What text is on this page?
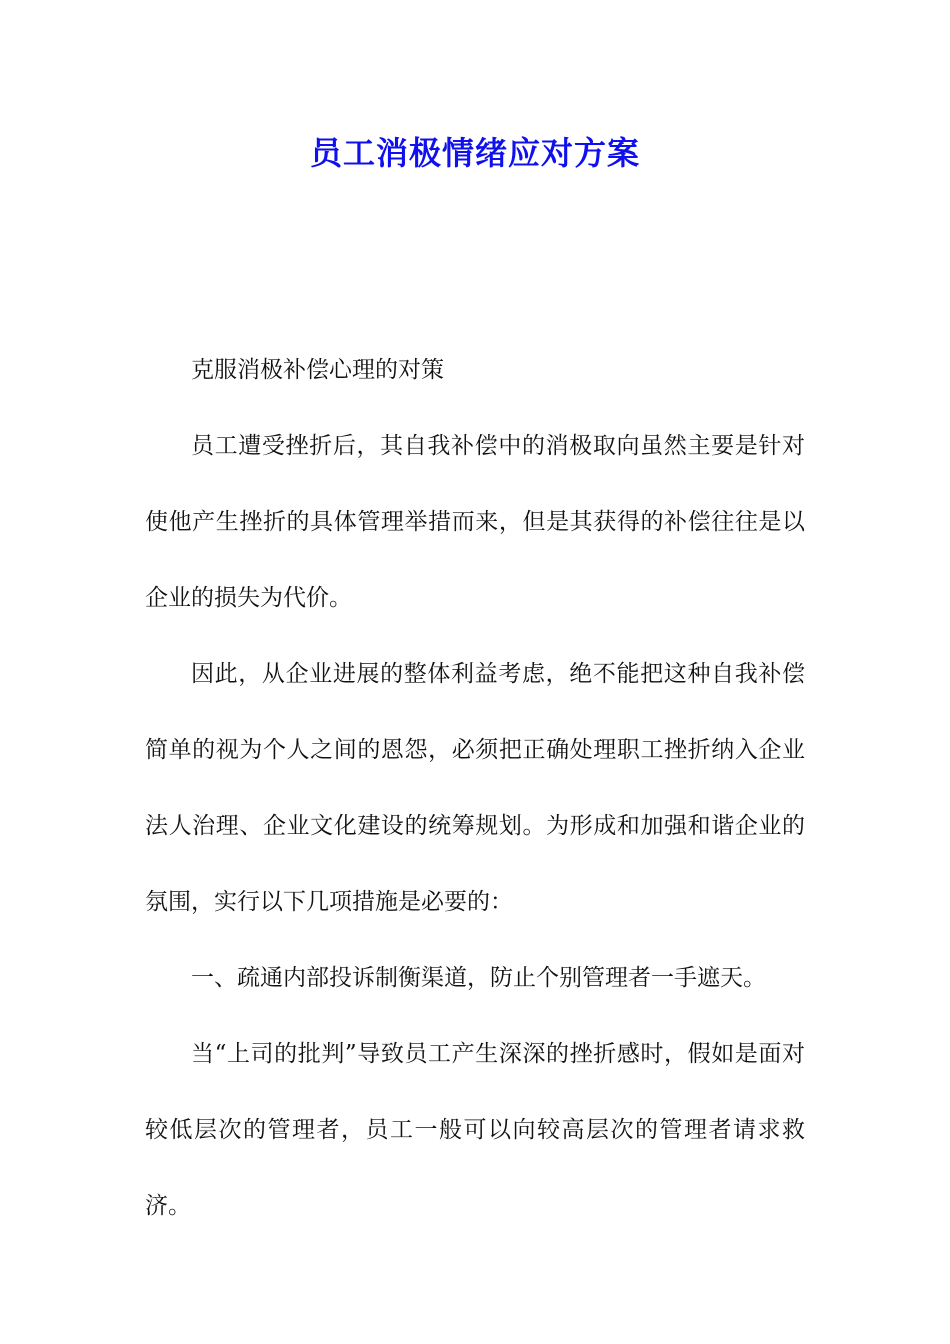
员工消极情绪应对方案

克服消极补偿心理的对策

员工遭受挫折后，其自我补偿中的消极取向虽然主要是针对使他产生挫折的具体管理举措而来，但是其获得的补偿往往是以企业的损失为代价。

因此，从企业进展的整体利益考虑，绝不能把这种自我补偿简单的视为个人之间的恩怨，必须把正确处理职工挫折纳入企业法人治理、企业文化建设的统筹规划。为形成和加强和谐企业的氛围，实行以下几项措施是必要的：

一、疏通内部投诉制衡渠道，防止个别管理者一手遮天。

当“上司的批判”导致员工产生深深的挫折感时，假如是面对较低层次的管理者，员工一般可以向较高层次的管理者请求救济。
